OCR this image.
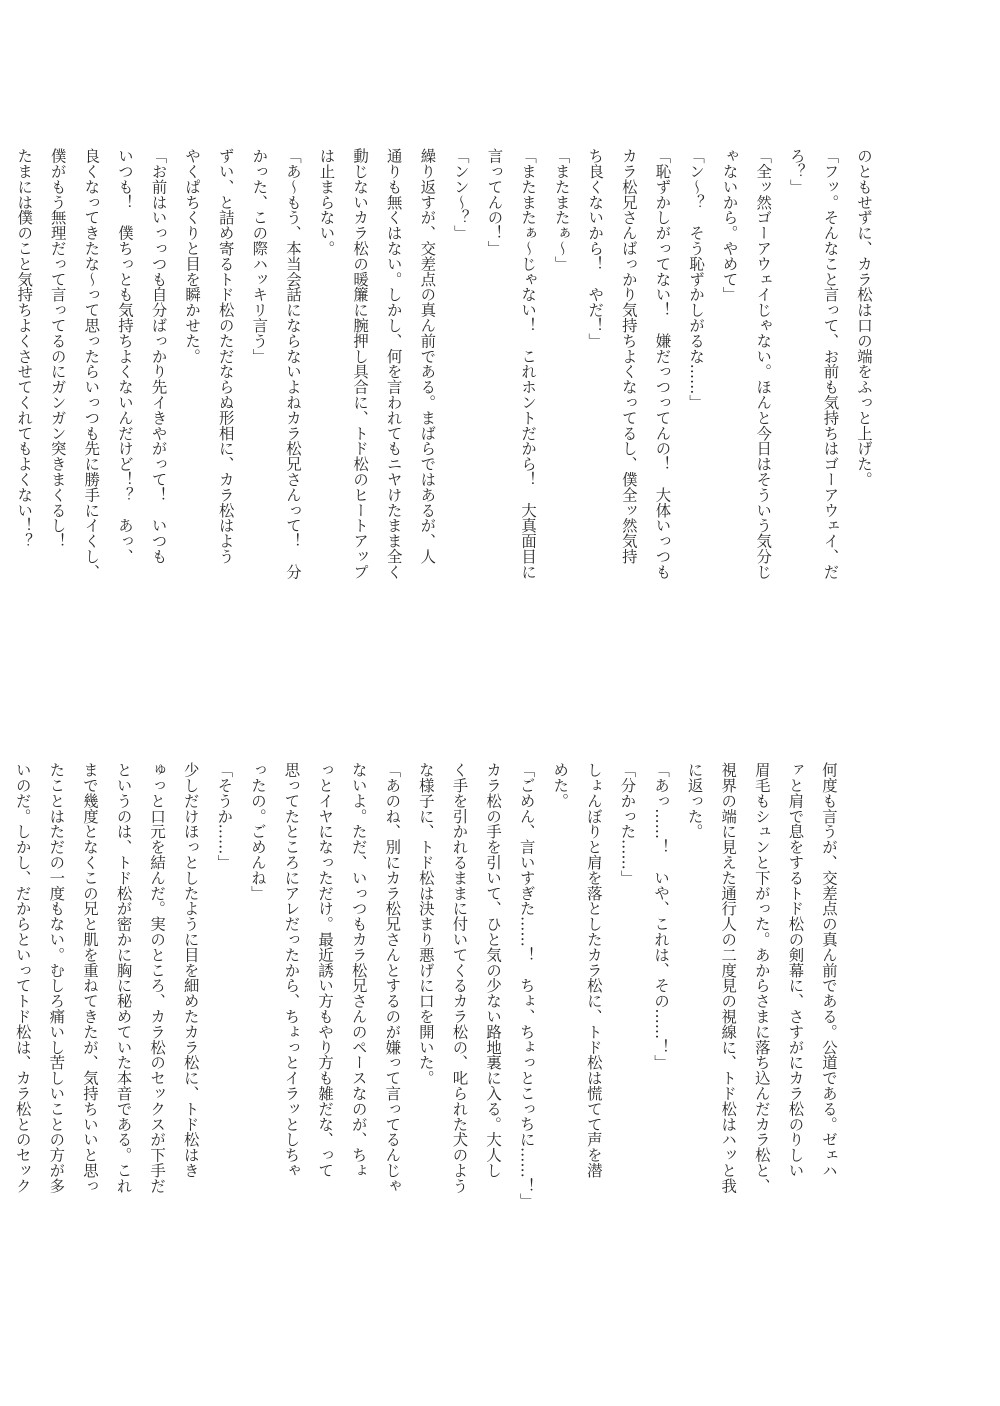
のともせずに、カラ松は口の端をふっと上げた。

「フッ。そんなこと言って、お前も気持ちはゴーアウェイ、だ

ろ？」

「全ッ然ゴーアウェイじゃない。ほんと今日はそういう気分じ

ゃないから。やめて」

「ン〜？　そう恥ずかしがるな……」

「恥ずかしがってない！　嫌だっつってんの！　大体いっつも

カラ松兄さんばっかり気持ちよくなってるし、僕全ッ然気持

ち良くないから！　やだ！」

「またまたぁ〜」

「またまたぁ〜じゃない！　これホントだから！　大真面目に

言ってんの！」

「ンン〜？」

繰り返すが、交差点の真ん前である。まばらではあるが、人

通りも無くはない。しかし、何を言われてもニヤけたまま全く

動じないカラ松の暖簾に腕押し具合に、トド松のヒートアップ

は止まらない。

「あ〜もう、本当会話にならないよねカラ松兄さんって！　分

かった、この際ハッキリ言う」

ずい、と詰め寄るトド松のただならぬ形相に、カラ松はよう

やくぱちくりと目を瞬かせた。

「お前はいっっつも自分ばっかり先イきやがって！　いつも

いつも！　僕ちっとも気持ちよくないんだけど！？　あっ、

良くなってきたな〜って思ったらいっつも先に勝手にイくし、

僕がもう無理だって言ってるのにガンガン突きまくるし！

たまには僕のこと気持ちよくさせてくれてもよくない！？

何度も言うが、交差点の真ん前である。公道である。ゼェハ

ァと肩で息をするトド松の剣幕に、さすがにカラ松のりしい

眉毛もシュンと下がった。あからさまに落ち込んだカラ松と、

視界の端に見えた通行人の二度見の視線に、トド松はハッと我

に返った。

「あっ……！　いや、これは、その……！」

「分かった……」

しょんぼりと肩を落としたカラ松に、トド松は慌てて声を潜

めた。

「ごめん、言いすぎた……！　ちょ、ちょっとこっちに……！」

カラ松の手を引いて、ひと気の少ない路地裏に入る。大人し

く手を引かれるままに付いてくるカラ松の、叱られた犬のよう

な様子に、トド松は決まり悪げに口を開いた。

「あのね、別にカラ松兄さんとするのが嫌って言ってるんじゃ

ないよ。ただ、いっつもカラ松兄さんのペースなのが、ちょ

っとイヤになっただけ。最近誘い方もやり方も雑だな、って

思ってたところにアレだったから、ちょっとイラッとしちゃ

ったの。ごめんね」

「そうか……」

少しだけほっとしたように目を細めたカラ松に、トド松はき

ゅっと口元を結んだ。実のところ、カラ松のセックスが下手だ

というのは、トド松が密かに胸に秘めていた本音である。これ

まで幾度となくこの兄と肌を重ねてきたが、気持ちいいと思っ

たことはただの一度もない。むしろ痛いし苦しいことの方が多

いのだ。しかし、だからといってトド松は、カラ松とのセック
